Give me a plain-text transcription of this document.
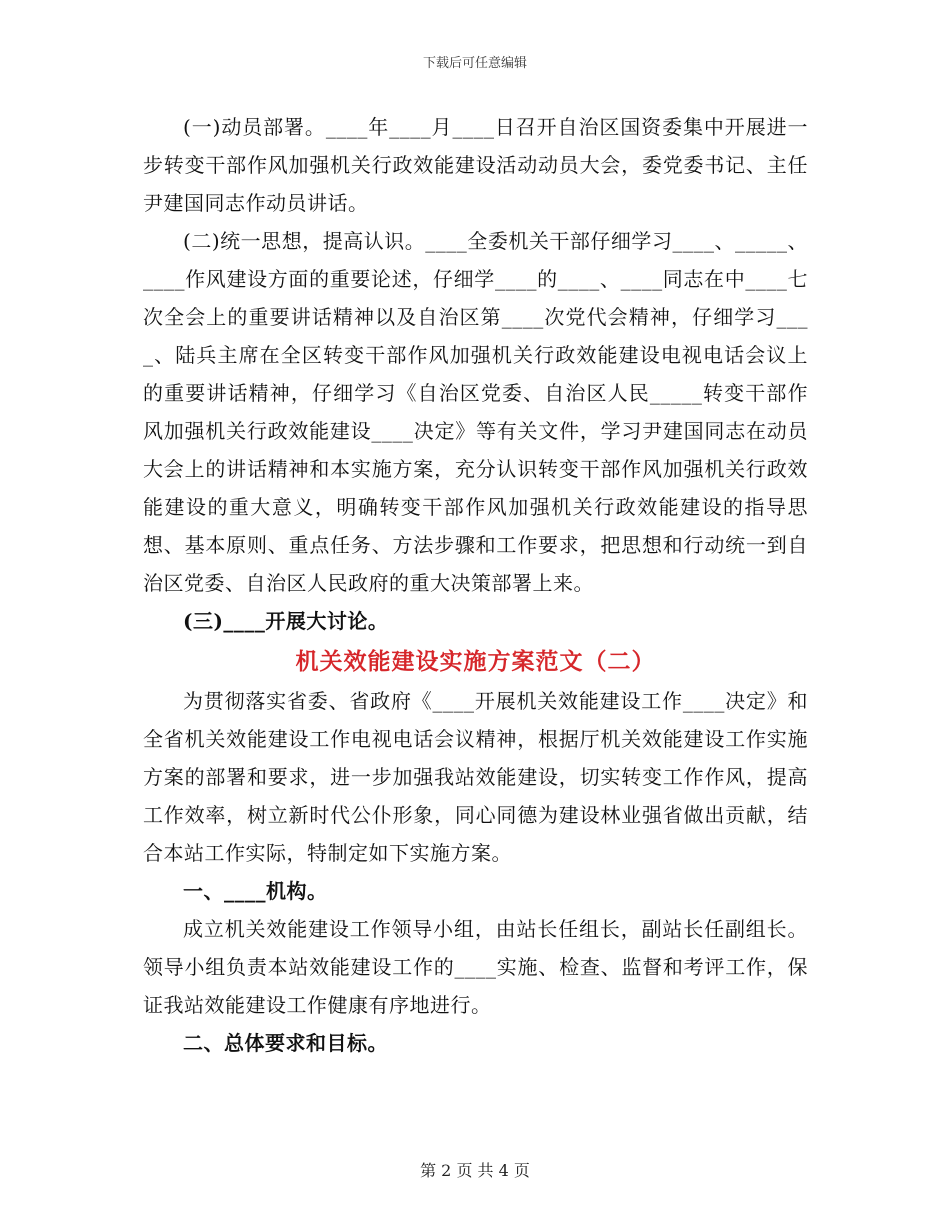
下载后可任意编辑

(一)动员部署。____年____月____日召开自治区国资委集中开展进一步转变干部作风加强机关行政效能建设活动动员大会，委党委书记、主任尹建国同志作动员讲话。

(二)统一思想，提高认识。____全委机关干部仔细学习____、_____、____作风建设方面的重要论述，仔细学____的____、____同志在中____七次全会上的重要讲话精神以及自治区第____次党代会精神，仔细学习____、陆兵主席在全区转变干部作风加强机关行政效能建设电视电话会议上的重要讲话精神，仔细学习《自治区党委、自治区人民_____转变干部作风加强机关行政效能建设____决定》等有关文件，学习尹建国同志在动员大会上的讲话精神和本实施方案，充分认识转变干部作风加强机关行政效能建设的重大意义，明确转变干部作风加强机关行政效能建设的指导思想、基本原则、重点任务、方法步骤和工作要求，把思想和行动统一到自治区党委、自治区人民政府的重大决策部署上来。

(三)____开展大讨论。

机关效能建设实施方案范文（二）

为贯彻落实省委、省政府《____开展机关效能建设工作____决定》和全省机关效能建设工作电视电话会议精神，根据厅机关效能建设工作实施方案的部署和要求，进一步加强我站效能建设，切实转变工作作风，提高工作效率，树立新时代公仆形象，同心同德为建设林业强省做出贡献，结合本站工作实际，特制定如下实施方案。

一、____机构。

成立机关效能建设工作领导小组，由站长任组长，副站长任副组长。领导小组负责本站效能建设工作的____实施、检查、监督和考评工作，保证我站效能建设工作健康有序地进行。

二、总体要求和目标。

第 2 页 共 4 页
